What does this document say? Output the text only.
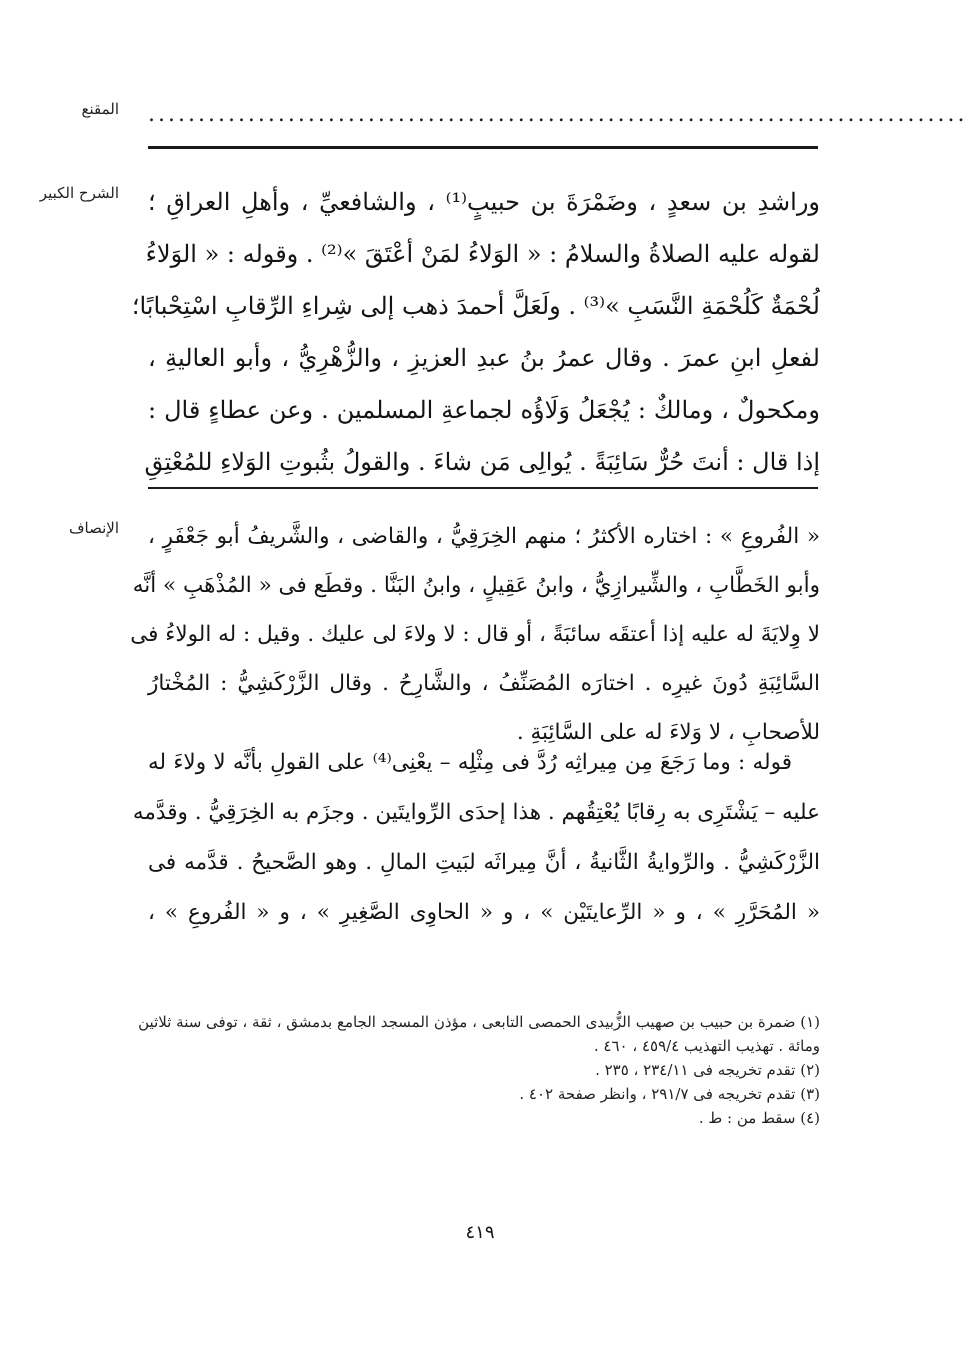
المقنع ..................................................................................
الشرح الكبير وراشدِ بن سعدٍ ، وضَمْرَةَ بن حبيبٍ⁽¹⁾ ، والشافعيِّ ، وأهلِ العراقِ ؛
لقوله عليه الصلاةُ والسلامُ : « الوَلاءُ لمَنْ أعْتَقَ »⁽²⁾ . وقوله : « الوَلاءُ
لُحْمَةٌ كَلُحْمَةِ النَّسَبِ »⁽³⁾ . ولَعَلَّ أحمدَ ذهب إلى شِراءِ الرِّقابِ اسْتِحْبابًا؛
لفعلِ ابنِ عمرَ . وقال عمرُ بنُ عبدِ العزيزِ ، والزُّهْرِيُّ ، وأبو العاليةِ ،
ومكحولٌ ، ومالكٌ : يُجْعَلُ وَلَاؤُه لجماعةِ المسلمين . وعن عطاءٍ قال :
إذا قال : أنتَ حُرٌّ سَائِبَةً . يُوالِى مَن شاءَ . والقولُ بثُبوتِ الوَلاءِ للمُعْتِقِ
الإنصاف « الفُروعِ » : اختاره الأكثرُ ؛ منهم الخِرَقِيُّ ، والقاضى ، والشَّريفُ أبو جَعْفَرٍ ،
وأبو الخَطَّابِ ، والشِّيرازِيُّ ، وابنُ عَقِيلٍ ، وابنُ البَنَّا . وقطَع فى « المُذْهَبِ » أنَّه
لا وِلايَةَ له عليه إذا أعتقَه سائبَةً ، أو قال : لا ولاءَ لى عليك . وقيل : له الولاءُ فى
السَّائِبَةِ دُونَ غيرِه . اختارَه المُصَنِّفُ ، والشَّارِحُ . وقال الزَّرْكَشِيُّ : المُخْتارُ
للأصحابِ ، لا وَلاءَ له على السَّائِبَةِ .
قوله : وما رَجَعَ مِن مِيراثِه رُدَّ فى مِثْلِه – يعْنِى⁽⁴⁾ على القولِ بأنَّه لا ولاءَ له
عليه – يَشْتَرِى به رِقابًا يُعْتِقُهم . هذا إحدَى الرِّوايتَين . وجزَم به الخِرَقِيُّ . وقدَّمه
الزَّرْكَشِيُّ . والرِّوايةُ الثَّانيةُ ، أنَّ مِيراثَه لبَيتِ المالِ . وهو الصَّحيحُ . قدَّمه فى
« المُحَرَّرِ » ، و « الرِّعايتَيْن » ، و « الحاوِى الصَّغِيرِ » ، و « الفُروعِ » ،
(١) ضمرة بن حبيب بن صهيب الزُّبيدى الحمصى التابعى ، مؤذن المسجد الجامع بدمشق ، ثقة ، توفى سنة ثلاثين
ومائة . تهذيب التهذيب ٤٥٩/٤ ، ٤٦٠ .
(٢) تقدم تخريجه فى ٢٣٤/١١ ، ٢٣٥ .
(٣) تقدم تخريجه فى ٢٩١/٧ ، وانظر صفحة ٤٠٢ .
(٤) سقط من : ط .
٤١٩
